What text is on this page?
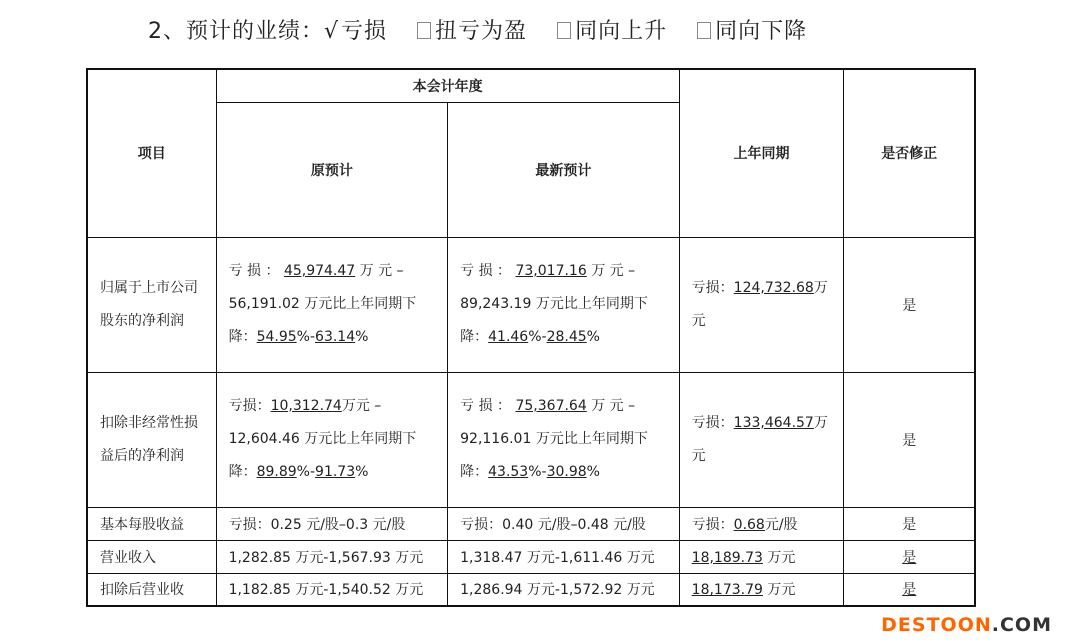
2、预计的业绩：√亏损 扭亏为盈 同向上升 同向下降
项目	本会计年度		上年同期	是否修正
	原预计	最新预计		
归属于上市公司股东的净利润	亏 损 ： 45,974.47 万 元 –56,191.02 万元比上年同期下降：54.95%-63.14%	亏 损 ： 73,017.16 万 元 –89,243.19 万元比上年同期下降：41.46%-28.45%	亏损：124,732.68万元	是
扣除非经常性损益后的净利润	亏损：10,312.74万元 –12,604.46 万元比上年同期下降：89.89%-91.73%	亏 损 ： 75,367.64 万 元 –92,116.01 万元比上年同期下降：43.53%-30.98%	亏损：133,464.57万元	是
基本每股收益	亏损：0.25 元/股–0.3 元/股	亏损：0.40 元/股–0.48 元/股	亏损：0.68元/股	是
营业收入	1,282.85 万元-1,567.93 万元	1,318.47 万元-1,611.46 万元	18,189.73 万元	是
扣除后营业收	1,182.85 万元-1,540.52 万元	1,286.94 万元-1,572.92 万元	18,173.79 万元	是
DESTOON.COM
